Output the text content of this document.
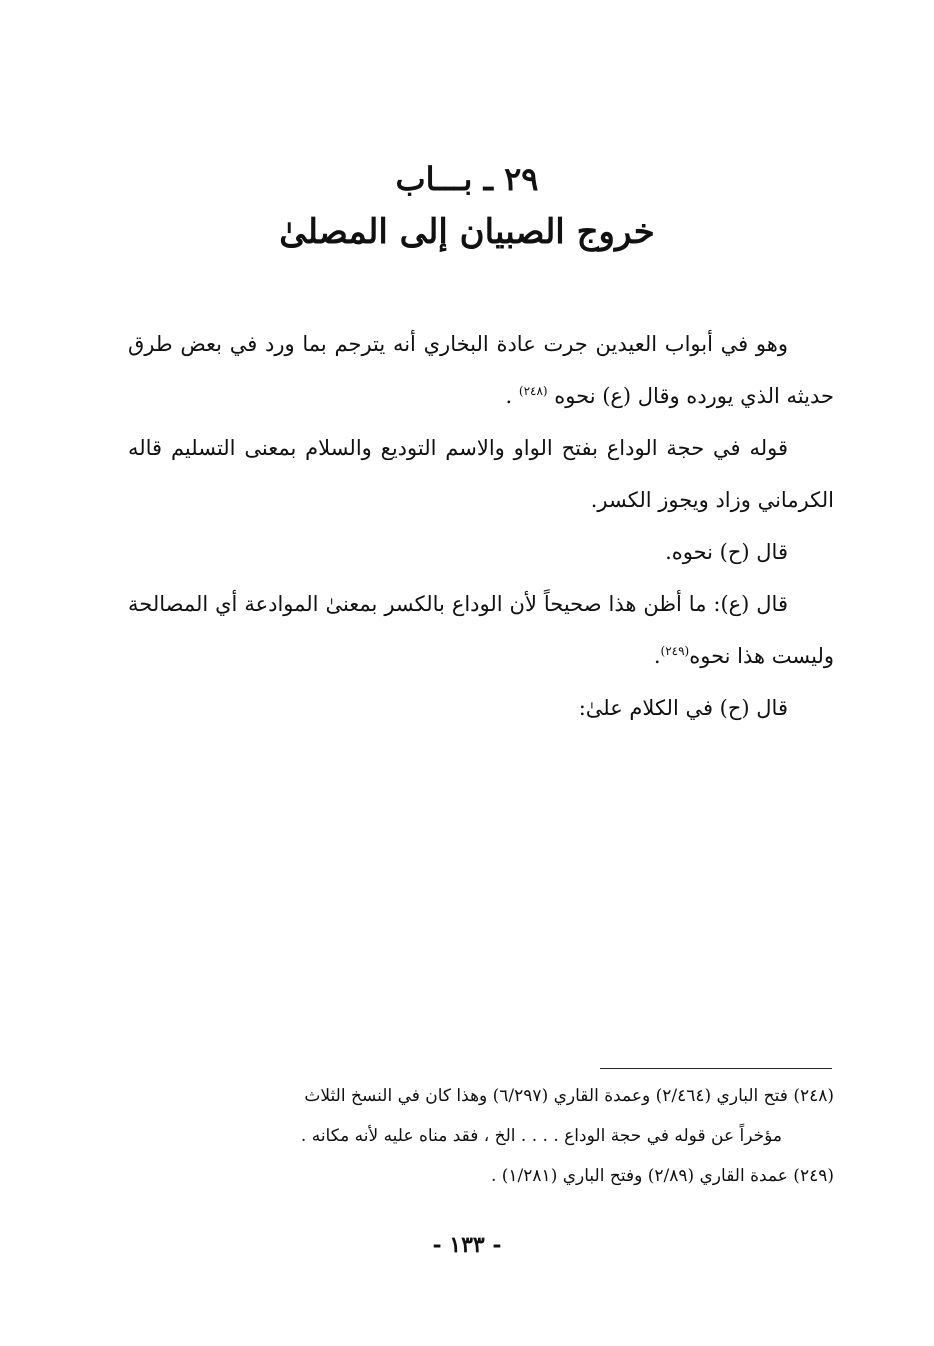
٢٩ ـ بـــاب
خروج الصبيان إلى المصلىٰ

وهو في أبواب العيدين جرت عادة البخاري أنه يترجم بما ورد في بعض طرق حديثه الذي يورده وقال (ع) نحوه $^{(٢٤٨)}$ .

قوله في حجة الوداع بفتح الواو والاسم التوديع والسلام بمعنى التسليم قاله الكرماني وزاد ويجوز الكسر.

قال (ح) نحوه.

قال (ع): ما أظن هذا صحيحاً لأن الوداع بالكسر بمعنىٰ الموادعة أي المصالحة وليست هذا نحوه$^{(٢٤٩)}$.

قال (ح) في الكلام علىٰ:

(٢٤٨) فتح الباري (٢/٤٦٤) وعمدة القاري (٦/٢٩٧) وهذا كان في النسخ الثلاث

مؤخراً عن قوله في حجة الوداع . . . . الخ ، فقد مناه عليه لأنه مكانه .

(٢٤٩) عمدة القاري (٢/٨٩) وفتح الباري (١/٢٨١) .

- ١٣٣ -
